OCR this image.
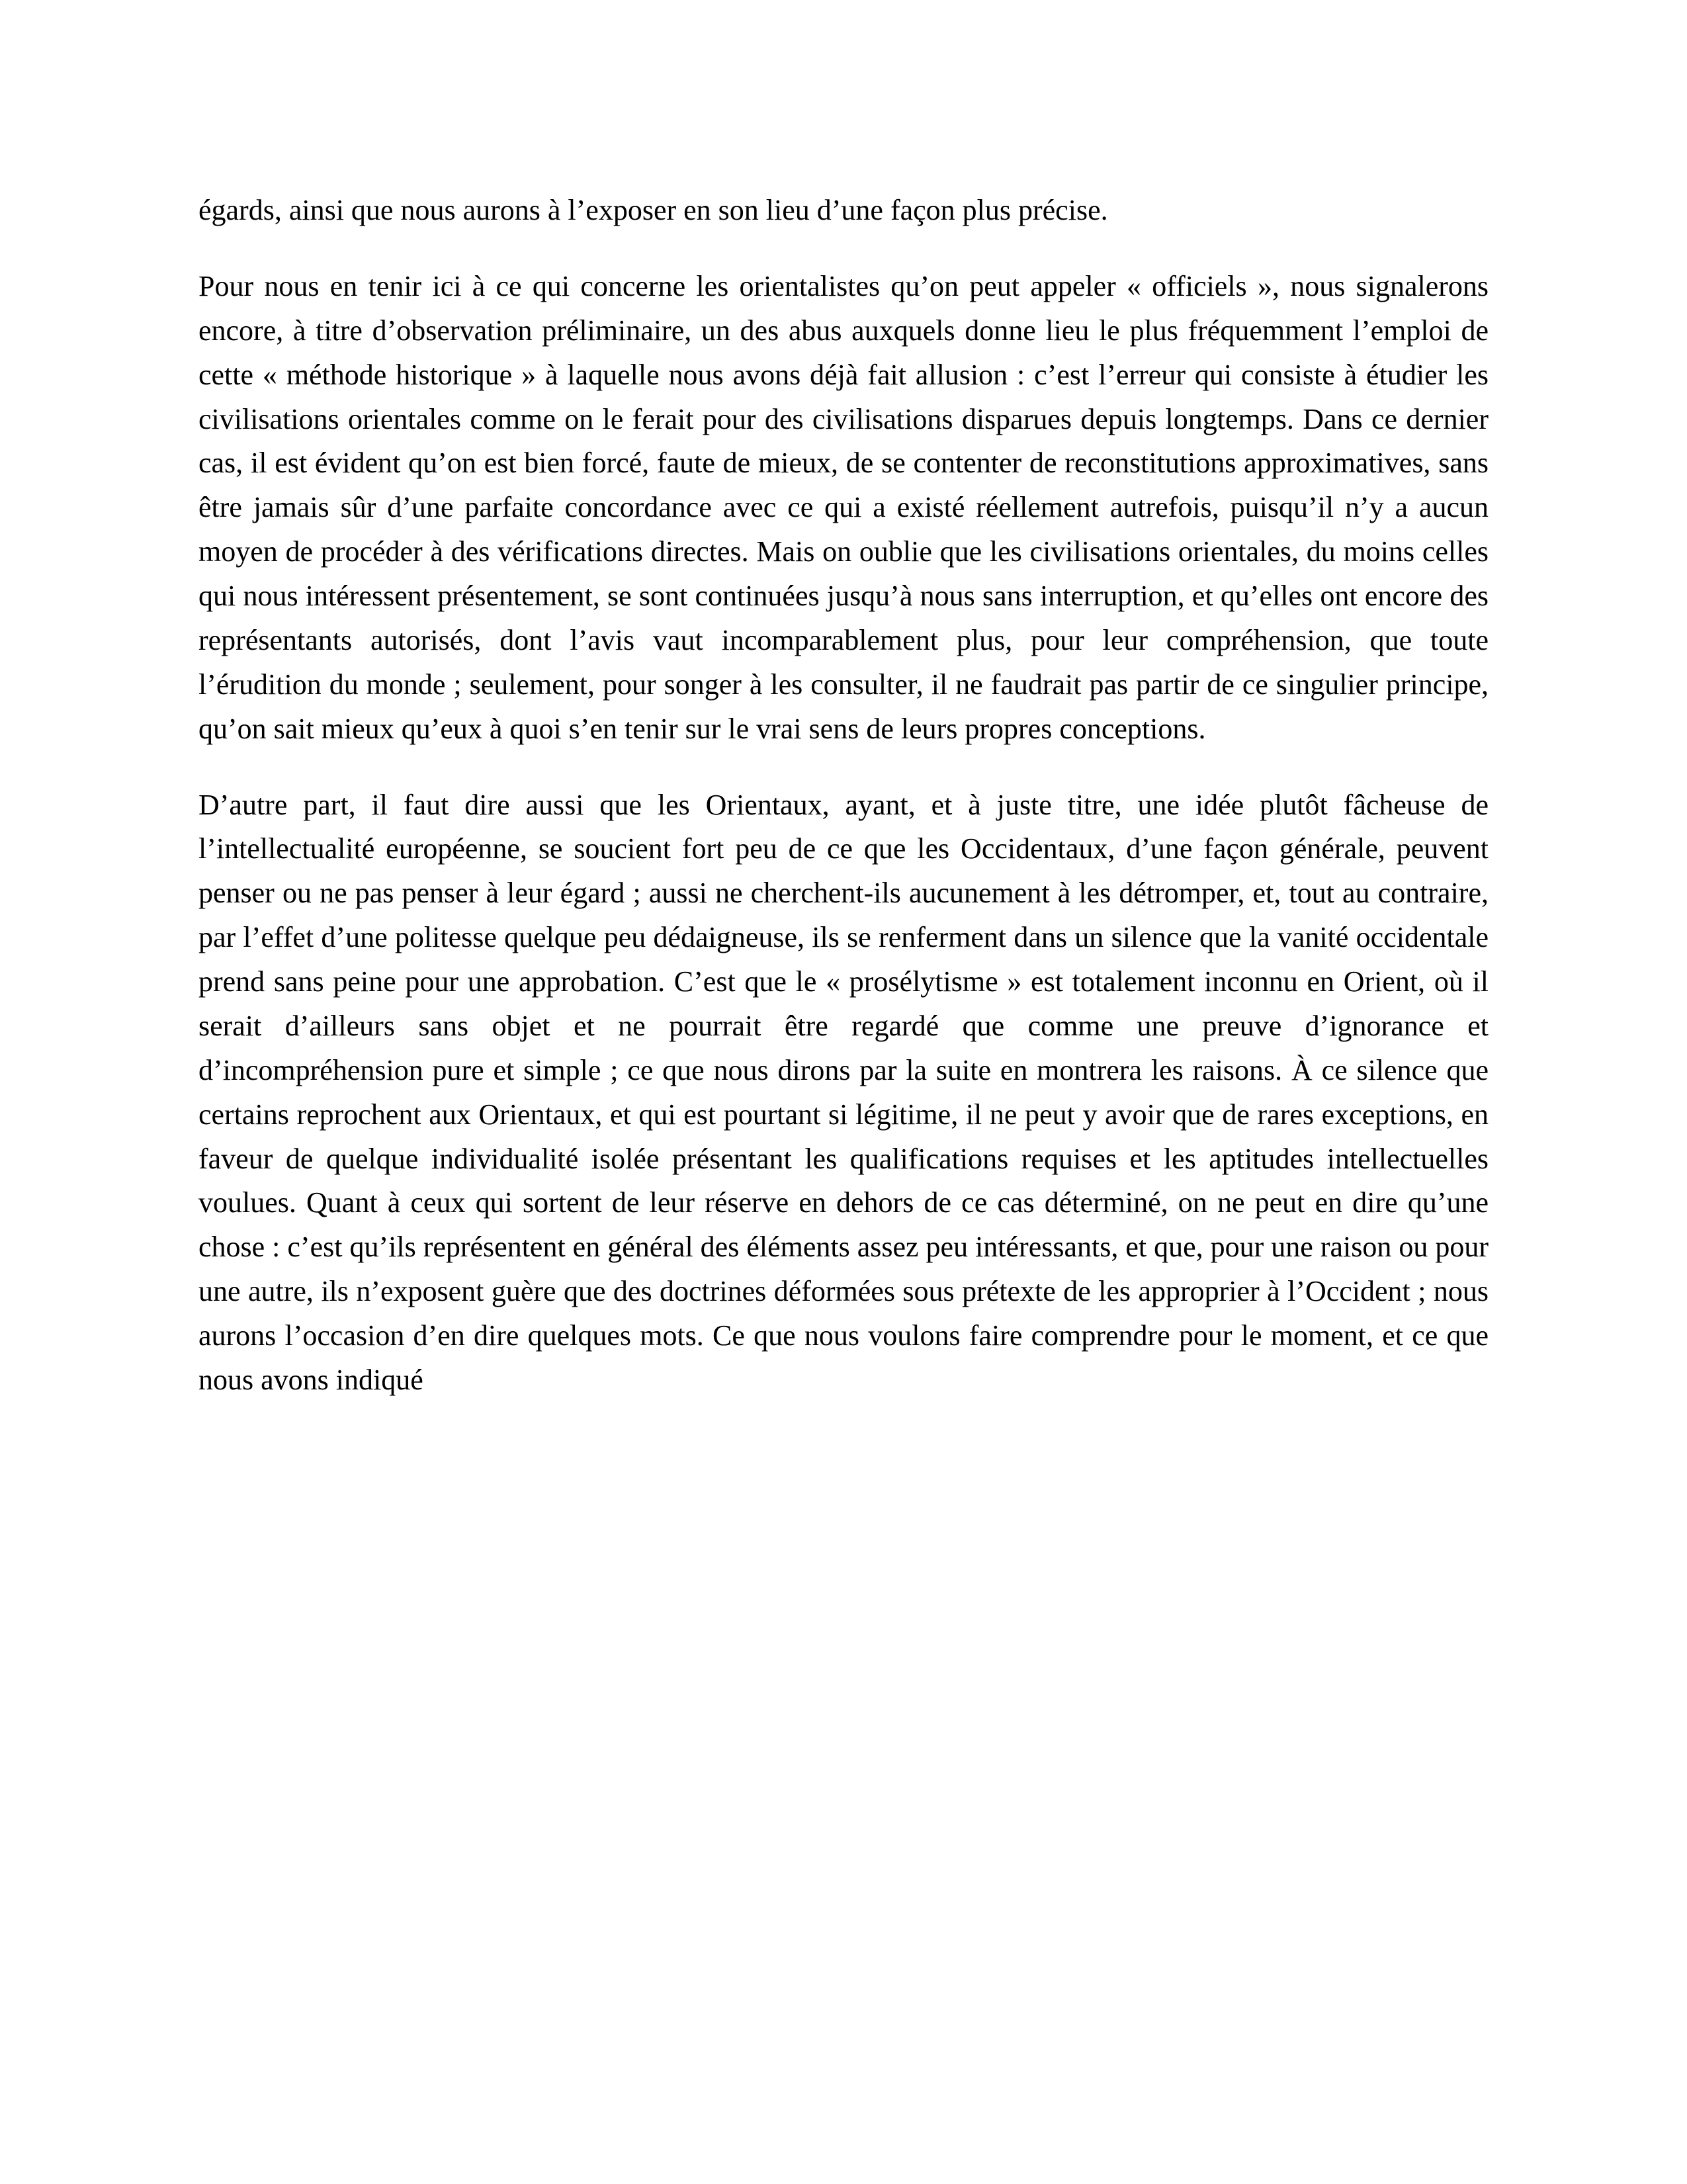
égards, ainsi que nous aurons à l’exposer en son lieu d’une façon plus précise.

Pour nous en tenir ici à ce qui concerne les orientalistes qu’on peut appeler « officiels », nous signalerons encore, à titre d’observation préliminaire, un des abus auxquels donne lieu le plus fréquemment l’emploi de cette « méthode historique » à laquelle nous avons déjà fait allusion : c’est l’erreur qui consiste à étudier les civilisations orientales comme on le ferait pour des civilisations disparues depuis longtemps. Dans ce dernier cas, il est évident qu’on est bien forcé, faute de mieux, de se contenter de reconstitutions approximatives, sans être jamais sûr d’une parfaite concordance avec ce qui a existé réellement autrefois, puisqu’il n’y a aucun moyen de procéder à des vérifications directes. Mais on oublie que les civilisations orientales, du moins celles qui nous intéressent présentement, se sont continuées jusqu’à nous sans interruption, et qu’elles ont encore des représentants autorisés, dont l’avis vaut incomparablement plus, pour leur compréhension, que toute l’érudition du monde ; seulement, pour songer à les consulter, il ne faudrait pas partir de ce singulier principe, qu’on sait mieux qu’eux à quoi s’en tenir sur le vrai sens de leurs propres conceptions.

D’autre part, il faut dire aussi que les Orientaux, ayant, et à juste titre, une idée plutôt fâcheuse de l’intellectualité européenne, se soucient fort peu de ce que les Occidentaux, d’une façon générale, peuvent penser ou ne pas penser à leur égard ; aussi ne cherchent-ils aucunement à les détromper, et, tout au contraire, par l’effet d’une politesse quelque peu dédaigneuse, ils se renferment dans un silence que la vanité occidentale prend sans peine pour une approbation. C’est que le « prosélytisme » est totalement inconnu en Orient, où il serait d’ailleurs sans objet et ne pourrait être regardé que comme une preuve d’ignorance et d’incompréhension pure et simple ; ce que nous dirons par la suite en montrera les raisons. À ce silence que certains reprochent aux Orientaux, et qui est pourtant si légitime, il ne peut y avoir que de rares exceptions, en faveur de quelque individualité isolée présentant les qualifications requises et les aptitudes intellectuelles voulues. Quant à ceux qui sortent de leur réserve en dehors de ce cas déterminé, on ne peut en dire qu’une chose : c’est qu’ils représentent en général des éléments assez peu intéressants, et que, pour une raison ou pour une autre, ils n’exposent guère que des doctrines déformées sous prétexte de les approprier à l’Occident ; nous aurons l’occasion d’en dire quelques mots. Ce que nous voulons faire comprendre pour le moment, et ce que nous avons indiqué
